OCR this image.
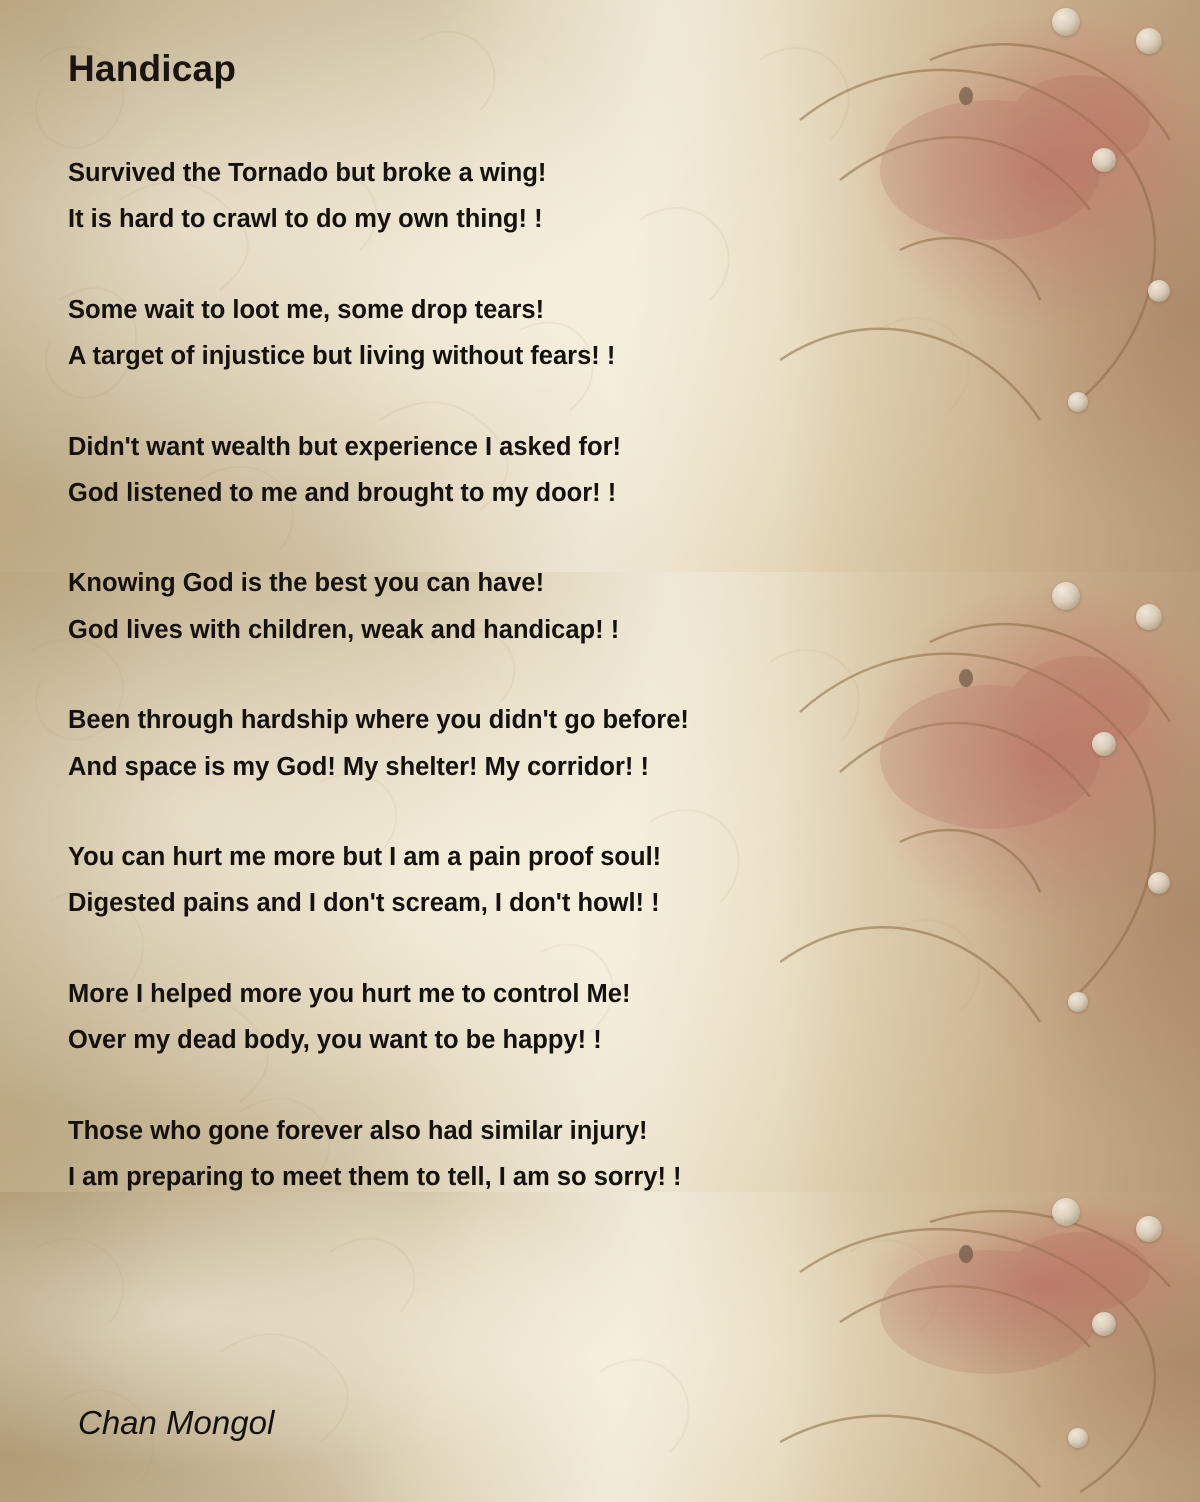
Handicap
Survived the Tornado but broke a wing!
It is hard to crawl to do my own thing! !
Some wait to loot me, some drop tears!
A target of injustice but living without fears! !
Didn't want wealth but experience I asked for!
God listened to me and brought to my door! !
Knowing God is the best you can have!
God lives with children, weak and handicap! !
Been through hardship where you didn't go before!
And space is my God! My shelter! My corridor! !
You can hurt me more but I am a pain proof soul!
Digested pains and I don't scream, I don't howl! !
More I helped more you hurt me to control Me!
Over my dead body, you want to be happy! !
Those who gone forever also had similar injury!
I am preparing to meet them to tell, I am so sorry! !
Chan Mongol
